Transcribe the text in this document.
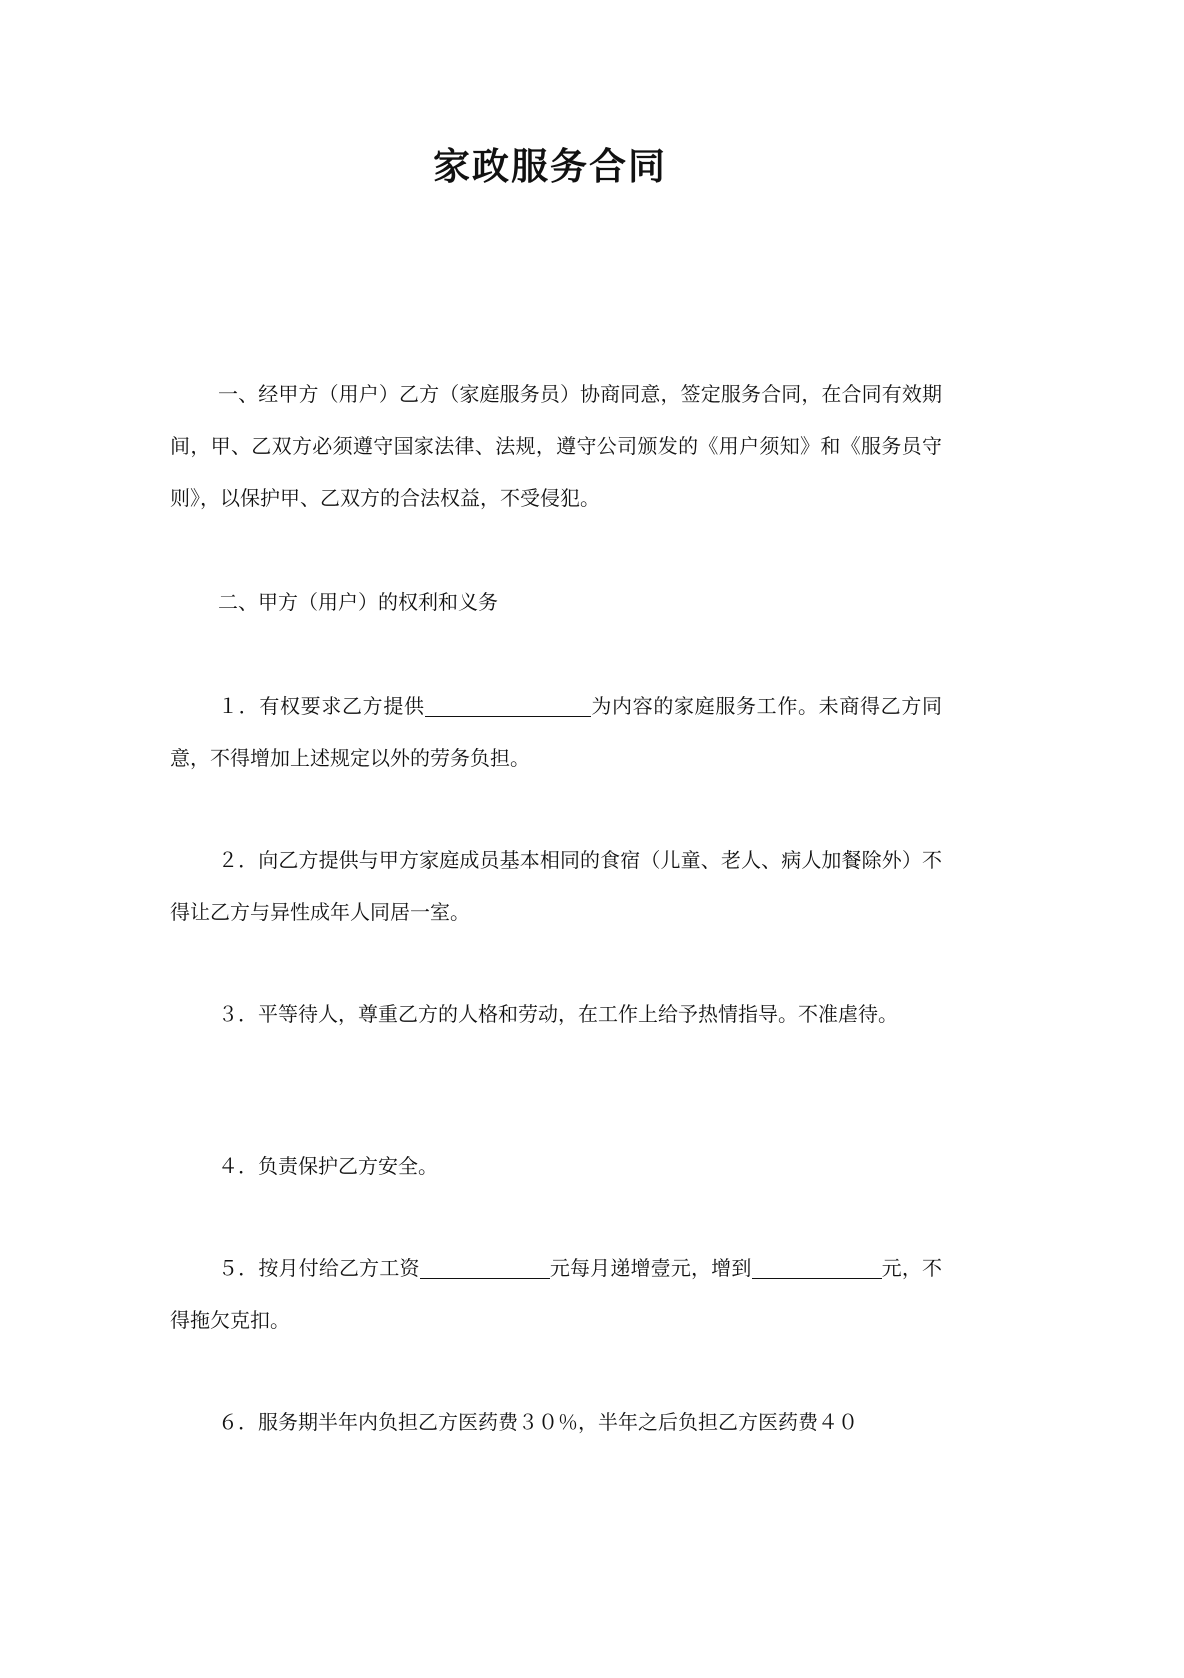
家政服务合同

一、经甲方（用户）乙方（家庭服务员）协商同意，签定服务合同，在合同有效期间，甲、乙双方必须遵守国家法律、法规，遵守公司颁发的《用户须知》和《服务员守则》，以保护甲、乙双方的合法权益，不受侵犯。

二、甲方（用户）的权利和义务

１．有权要求乙方提供	为内容的家庭服务工作。未商得乙方同意，不得增加上述规定以外的劳务负担。

２．向乙方提供与甲方家庭成员基本相同的食宿（儿童、老人、病人加餐除外）不得让乙方与异性成年人同居一室。

３．平等待人，尊重乙方的人格和劳动，在工作上给予热情指导。不准虐待。

４．负责保护乙方安全。

５．按月付给乙方工资	元每月递增壹元，增到	元，不得拖欠克扣。

６．服务期半年内负担乙方医药费３０％，半年之后负担乙方医药费４０
